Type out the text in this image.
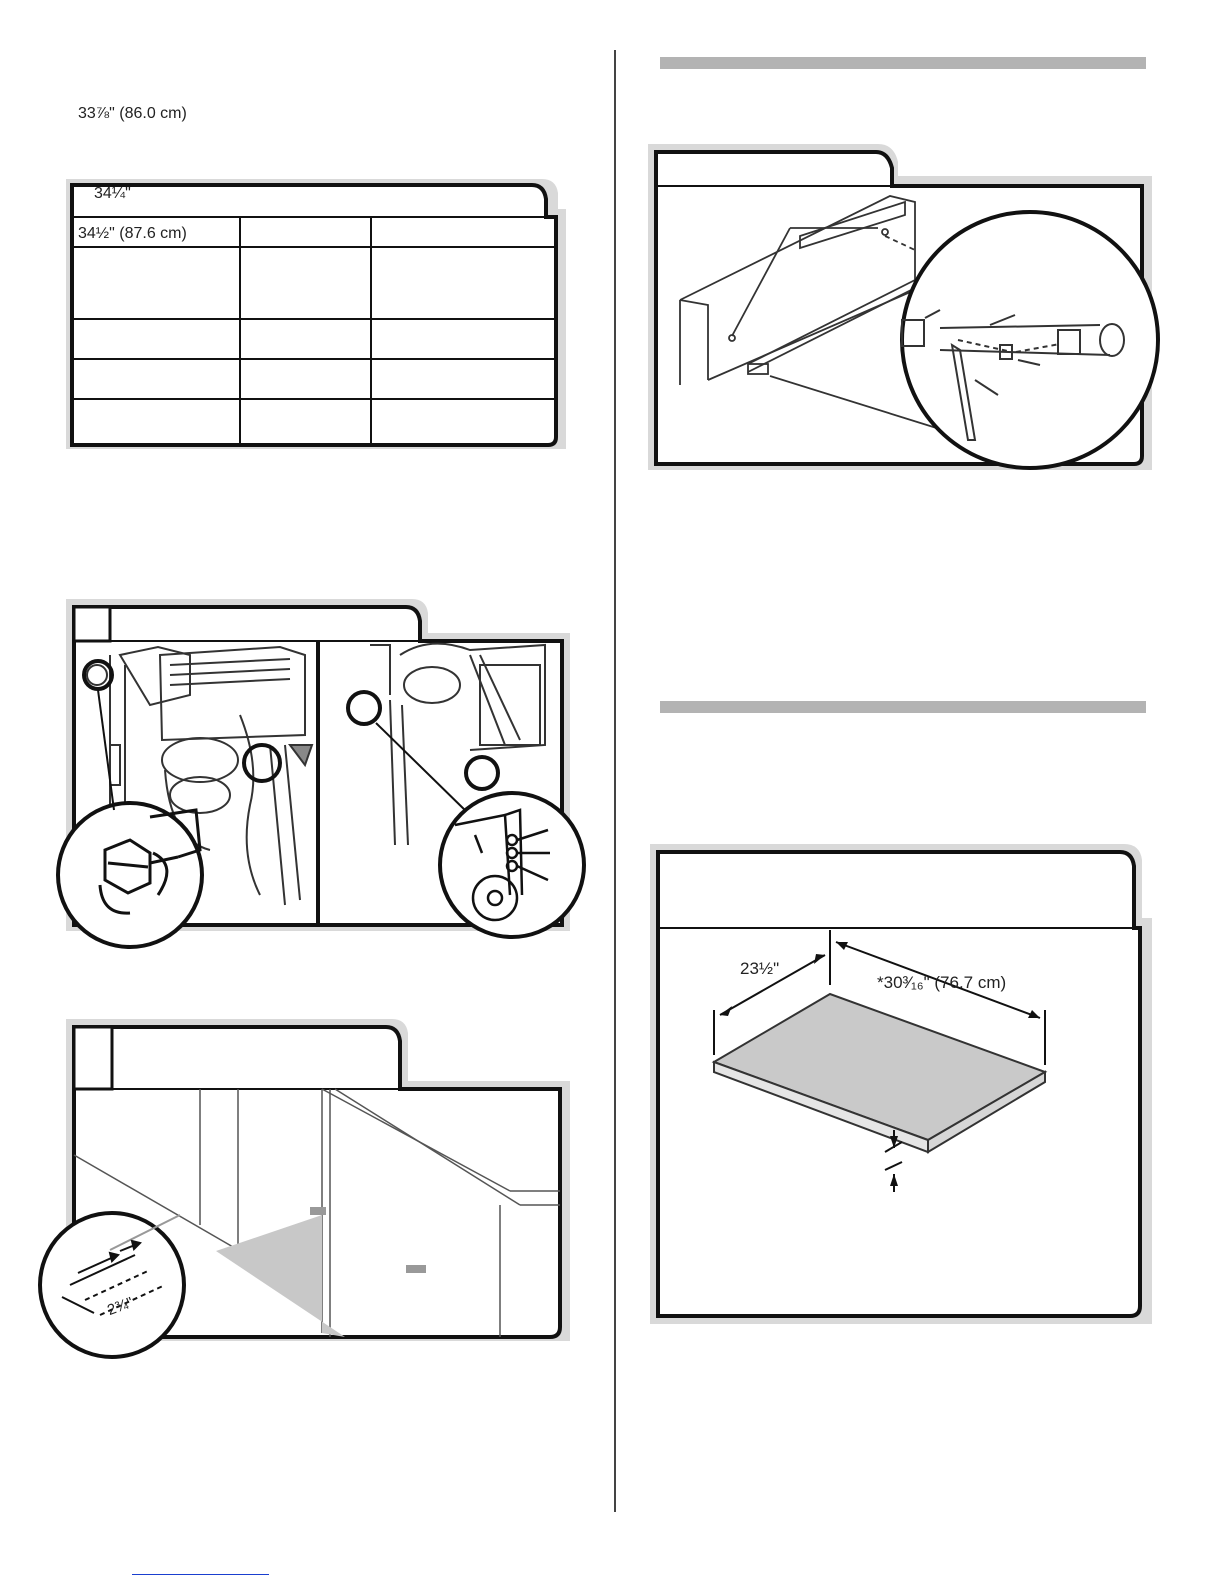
33⅞" (86.0 cm)
34¼"
34½" (87.6 cm)
2¾"
23½"
*30³⁄₁₆" (76.7 cm)
